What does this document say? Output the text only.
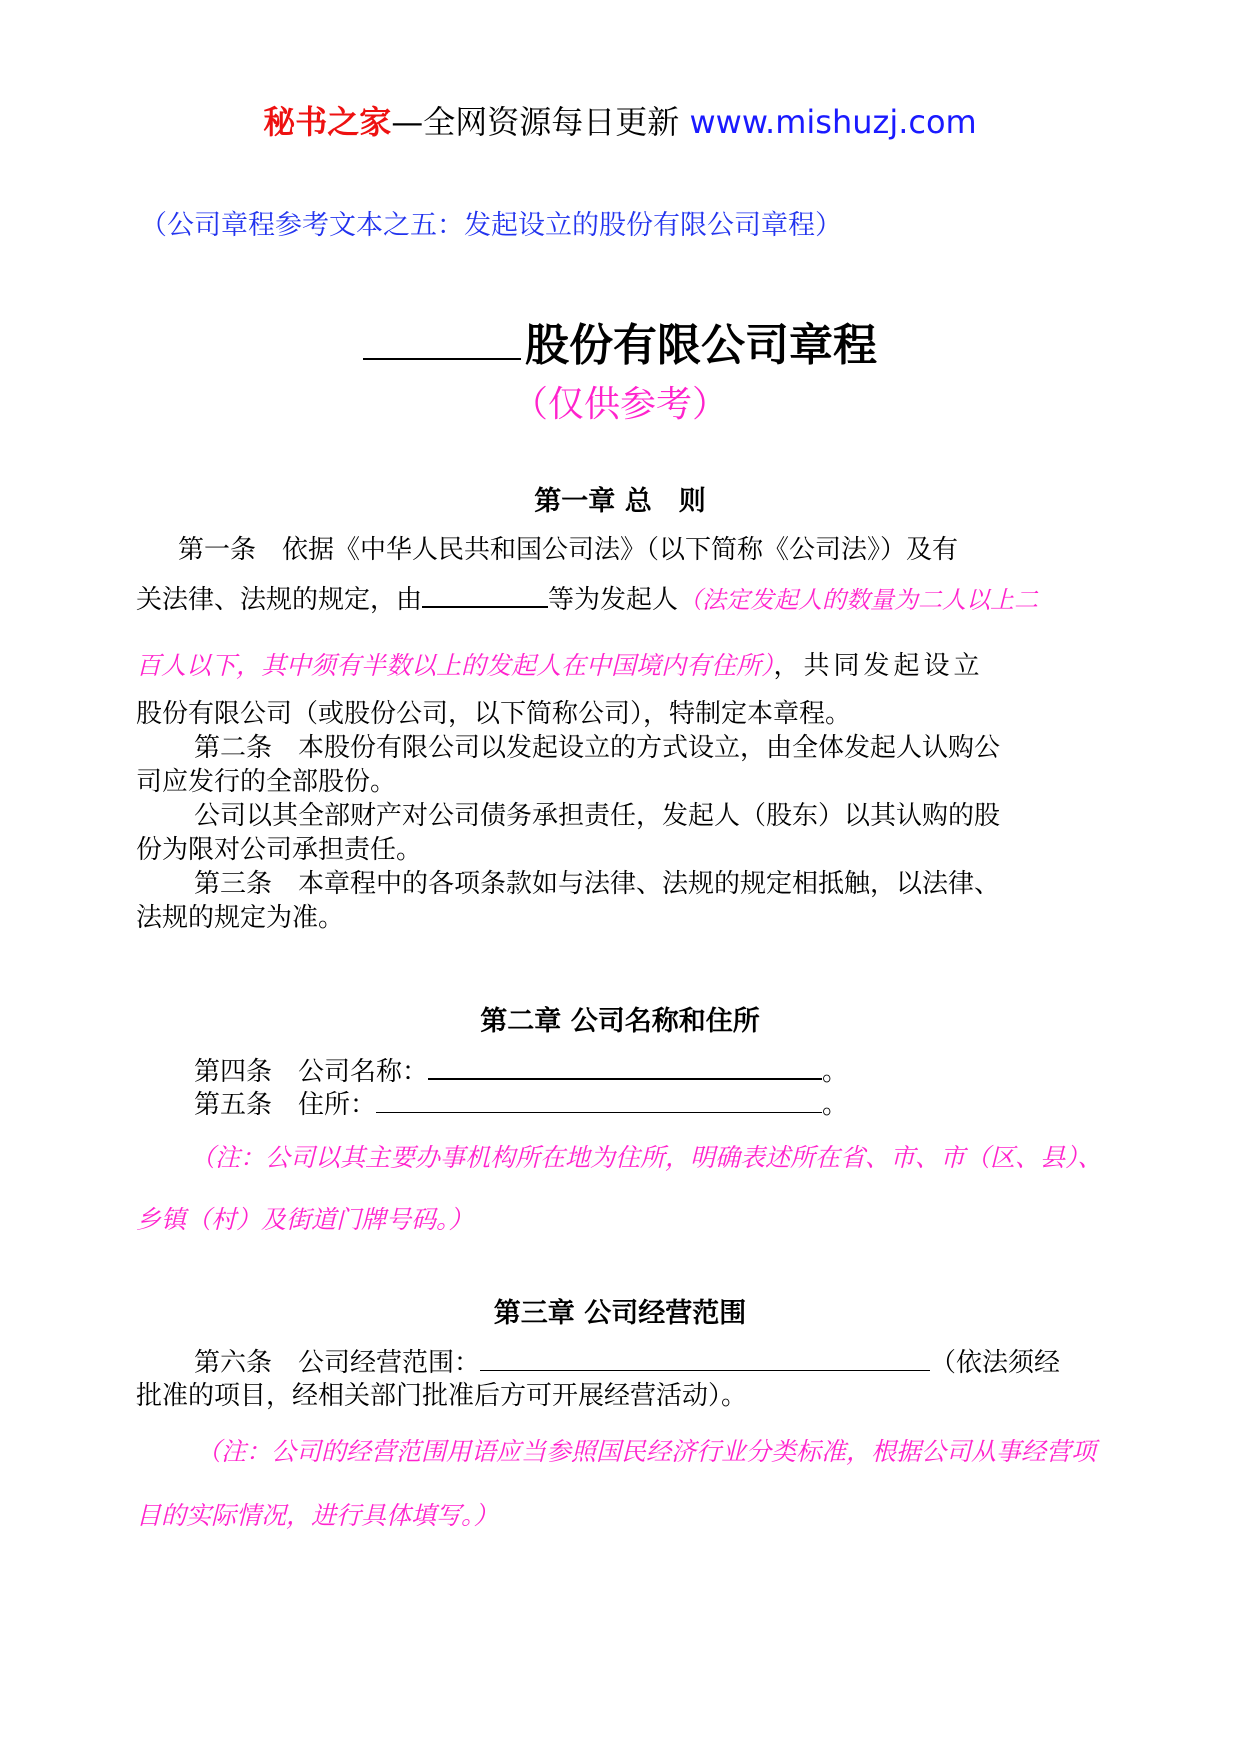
秘书之家—全网资源每日更新 www.mishuzj.com
（公司章程参考文本之五：发起设立的股份有限公司章程）
股份有限公司章程
（仅供参考）
第一章 总　则
第一条　依据《中华人民共和国公司法》（以下简称《公司法》）及有
关法律、法规的规定，由	等为发起人（法定发起人的数量为二人以上二
百人以下，其中须有半数以上的发起人在中国境内有住所），共同发起设立
股份有限公司（或股份公司，以下简称公司），特制定本章程。
第二条　本股份有限公司以发起设立的方式设立，由全体发起人认购公
司应发行的全部股份。
公司以其全部财产对公司债务承担责任，发起人（股东）以其认购的股
份为限对公司承担责任。
第三条　本章程中的各项条款如与法律、法规的规定相抵触，以法律、
法规的规定为准。
第二章 公司名称和住所
第四条　公司名称：	。
第五条　住所：	。
（注：公司以其主要办事机构所在地为住所，明确表述所在省、市、市（区、县）、
乡镇（村）及街道门牌号码。）
第三章 公司经营范围
第六条　公司经营范围：	（依法须经
批准的项目，经相关部门批准后方可开展经营活动）。
（注：公司的经营范围用语应当参照国民经济行业分类标准，根据公司从事经营项
目的实际情况，进行具体填写。）
